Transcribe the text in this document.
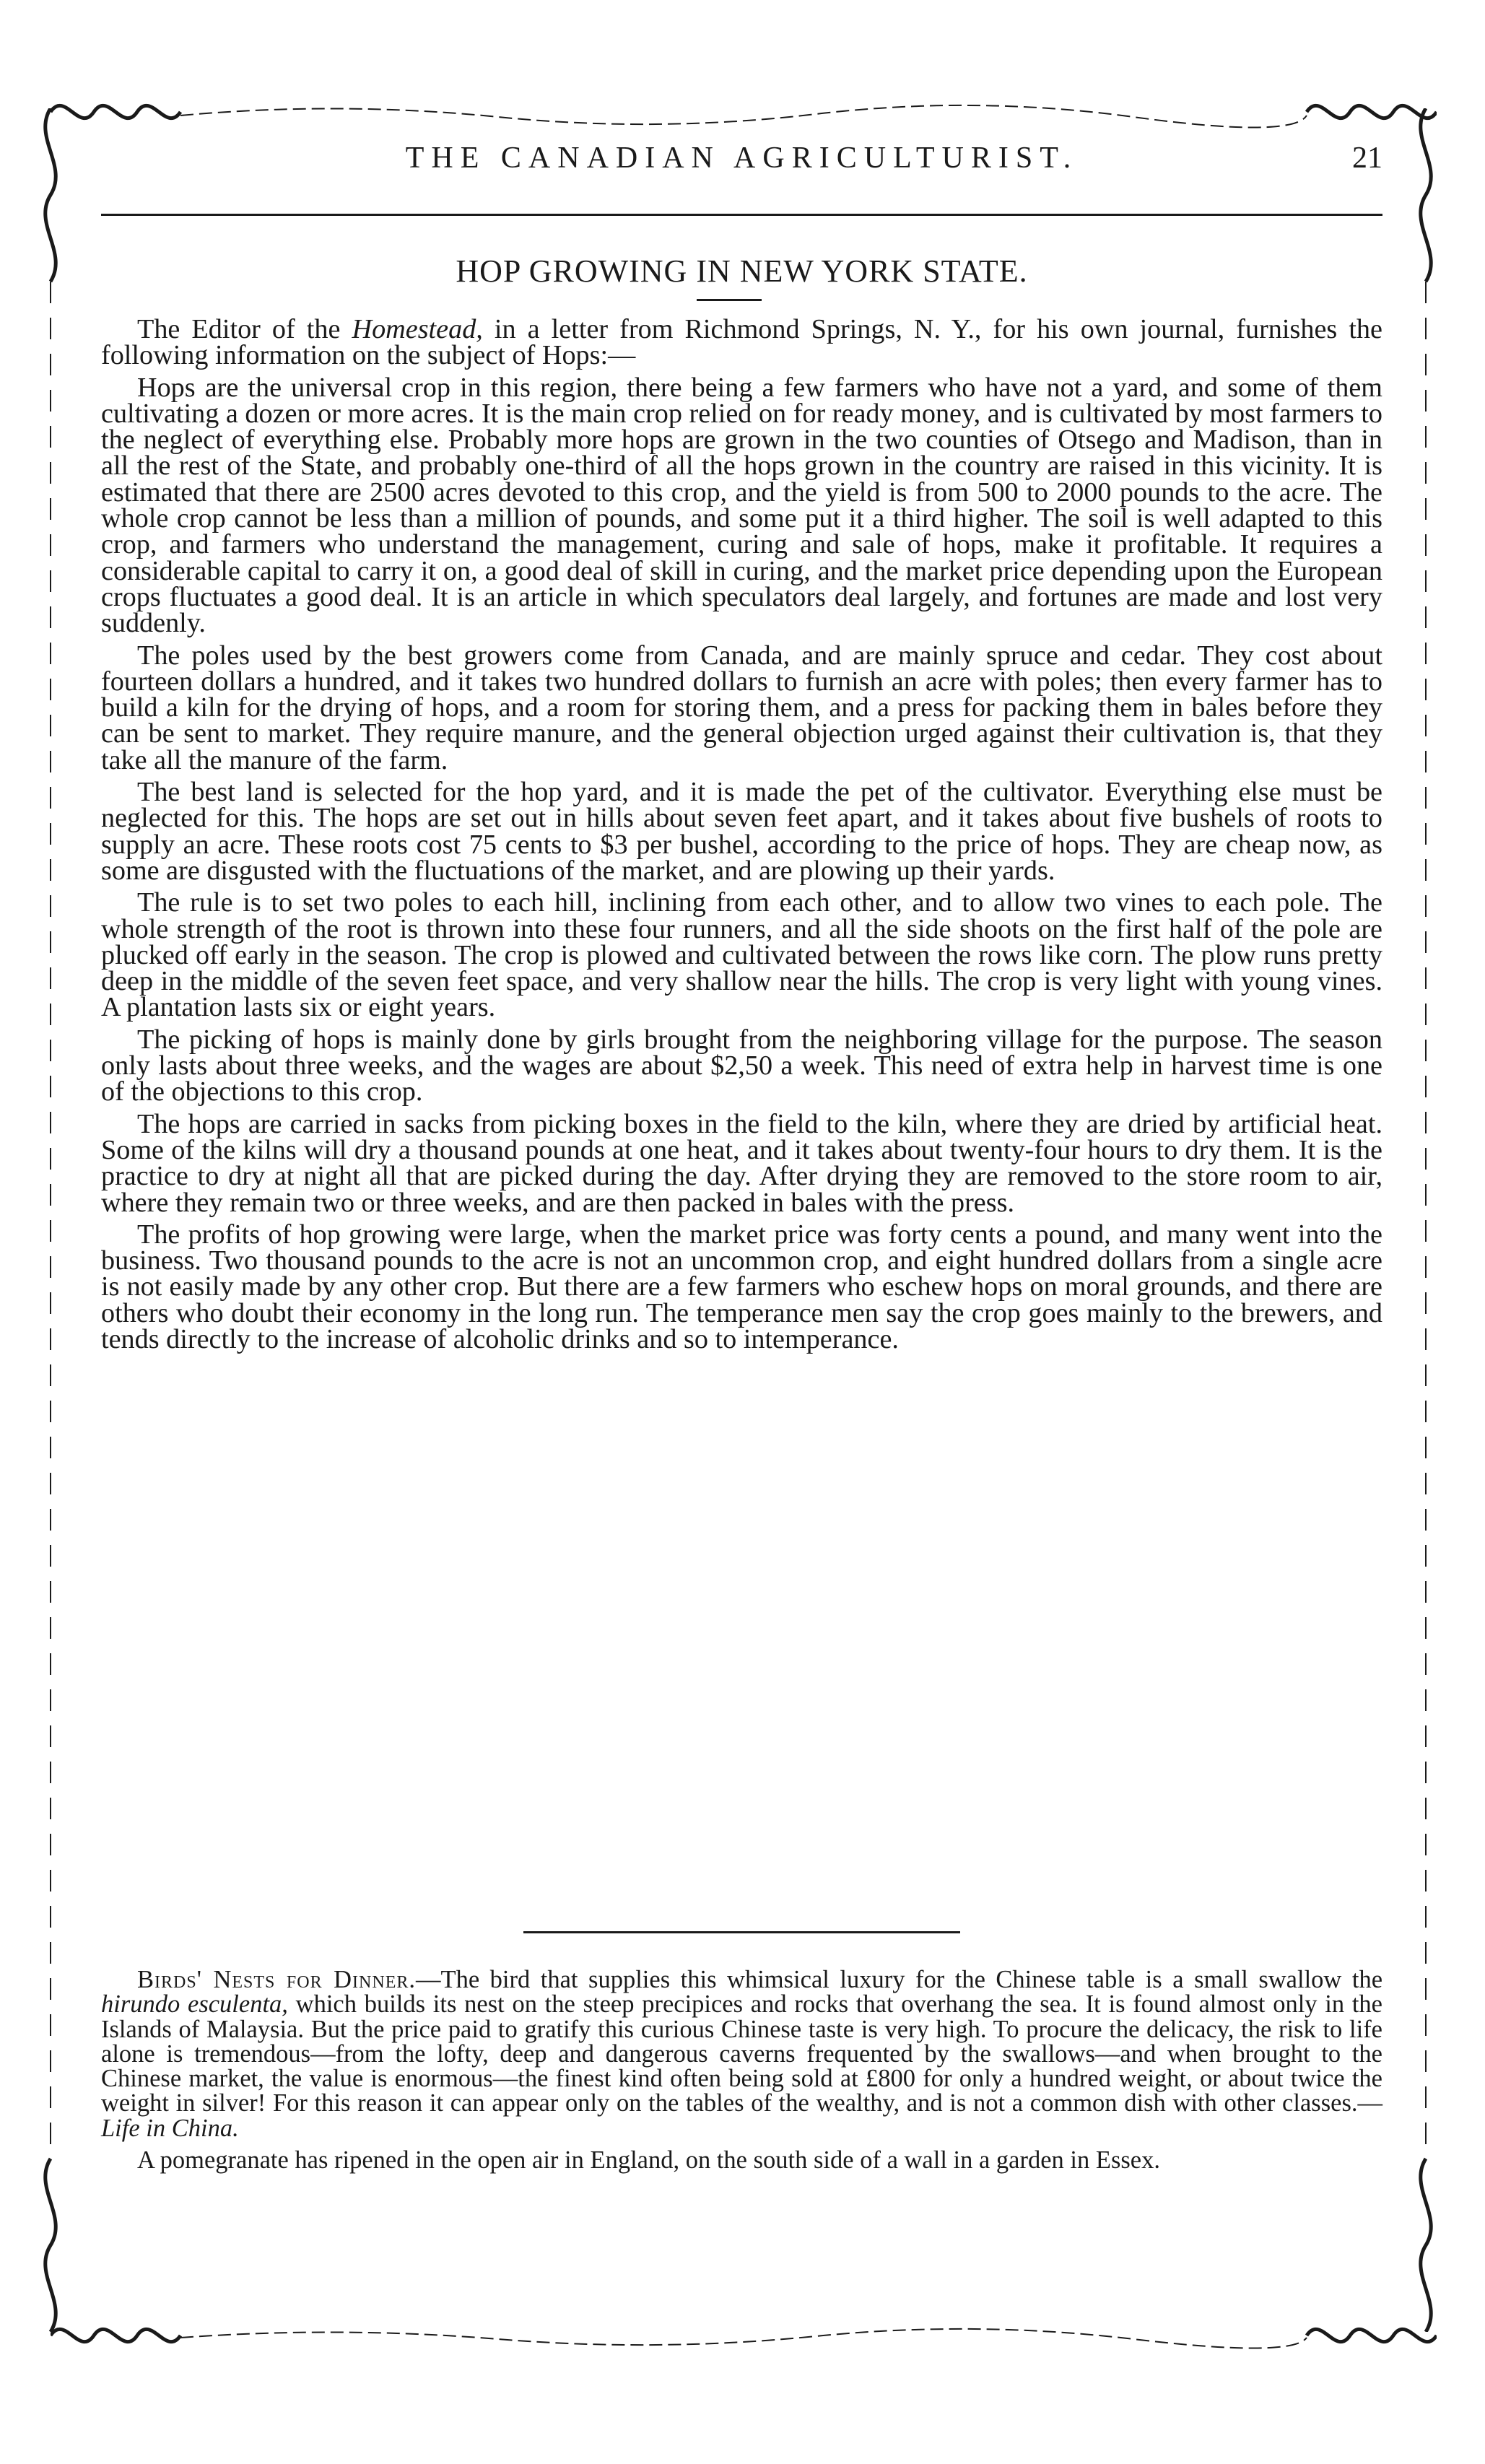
THE CANADIAN AGRICULTURIST.	21
HOP GROWING IN NEW YORK STATE.

The Editor of the Homestead, in a letter from Richmond Springs, N. Y., for his own journal, furnishes the following information on the subject of Hops:—

Hops are the universal crop in this region, there being a few farmers who have not a yard, and some of them cultivating a dozen or more acres. It is the main crop relied on for ready money, and is cultivated by most farmers to the neglect of everything else. Probably more hops are grown in the two counties of Otsego and Madison, than in all the rest of the State, and probably one-third of all the hops grown in the country are raised in this vicinity. It is estimated that there are 2500 acres devoted to this crop, and the yield is from 500 to 2000 pounds to the acre. The whole crop cannot be less than a million of pounds, and some put it a third higher. The soil is well adapted to this crop, and farmers who understand the management, curing and sale of hops, make it profitable. It requires a considerable capital to carry it on, a good deal of skill in curing, and the market price depending upon the European crops fluctuates a good deal. It is an article in which speculators deal largely, and fortunes are made and lost very suddenly.

The poles used by the best growers come from Canada, and are mainly spruce and cedar. They cost about fourteen dollars a hundred, and it takes two hundred dollars to furnish an acre with poles; then every farmer has to build a kiln for the drying of hops, and a room for storing them, and a press for packing them in bales before they can be sent to market. They require manure, and the general objection urged against their cultivation is, that they take all the manure of the farm.

The best land is selected for the hop yard, and it is made the pet of the cultivator. Everything else must be neglected for this. The hops are set out in hills about seven feet apart, and it takes about five bushels of roots to supply an acre. These roots cost 75 cents to $3 per bushel, according to the price of hops. They are cheap now, as some are disgusted with the fluctuations of the market, and are plowing up their yards.

The rule is to set two poles to each hill, inclining from each other, and to allow two vines to each pole. The whole strength of the root is thrown into these four runners, and all the side shoots on the first half of the pole are plucked off early in the season. The crop is plowed and cultivated between the rows like corn. The plow runs pretty deep in the middle of the seven feet space, and very shallow near the hills. The crop is very light with young vines. A plantation lasts six or eight years.

The picking of hops is mainly done by girls brought from the neighboring village for the purpose. The season only lasts about three weeks, and the wages are about $2,50 a week. This need of extra help in harvest time is one of the objections to this crop.

The hops are carried in sacks from picking boxes in the field to the kiln, where they are dried by artificial heat. Some of the kilns will dry a thousand pounds at one heat, and it takes about twenty-four hours to dry them. It is the practice to dry at night all that are picked during the day. After drying they are removed to the store room to air, where they remain two or three weeks, and are then packed in bales with the press.

The profits of hop growing were large, when the market price was forty cents a pound, and many went into the business. Two thousand pounds to the acre is not an uncommon crop, and eight hundred dollars from a single acre is not easily made by any other crop. But there are a few farmers who eschew hops on moral grounds, and there are others who doubt their economy in the long run. The temperance men say the crop goes mainly to the brewers, and tends directly to the increase of alcoholic drinks and so to intemperance.

Birds' Nests for Dinner.—The bird that supplies this whimsical luxury for the Chinese table is a small swallow the hirundo esculenta, which builds its nest on the steep precipices and rocks that overhang the sea. It is found almost only in the Islands of Malaysia. But the price paid to gratify this curious Chinese taste is very high. To procure the delicacy, the risk to life alone is tremendous—from the lofty, deep and dangerous caverns frequented by the swallows—and when brought to the Chinese market, the value is enormous—the finest kind often being sold at £800 for only a hundred weight, or about twice the weight in silver! For this reason it can appear only on the tables of the wealthy, and is not a common dish with other classes.—Life in China.

A pomegranate has ripened in the open air in England, on the south side of a wall in a garden in Essex.
